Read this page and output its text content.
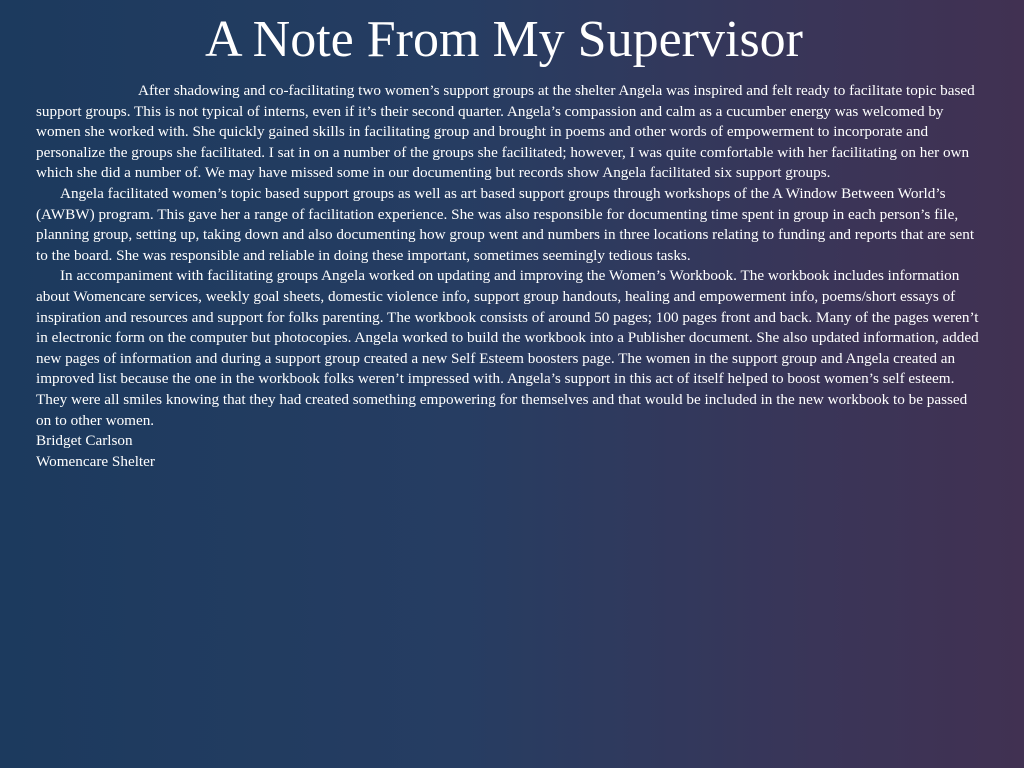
A Note From My Supervisor

After shadowing and co-facilitating two women’s support groups at the shelter Angela was inspired and felt ready to facilitate topic based support groups. This is not typical of interns, even if it’s their second quarter. Angela’s compassion and calm as a cucumber energy was welcomed by women she worked with. She quickly gained skills in facilitating group and brought in poems and other words of empowerment to incorporate and personalize the groups she facilitated. I sat in on a number of the groups she facilitated; however, I was quite comfortable with her facilitating on her own which she did a number of. We may have missed some in our documenting but records show Angela facilitated six support groups.

Angela facilitated women’s topic based support groups as well as art based support groups through workshops of the A Window Between World’s (AWBW) program. This gave her a range of facilitation experience. She was also responsible for documenting time spent in group in each person’s file, planning group, setting up, taking down and also documenting how group went and numbers in three locations relating to funding and reports that are sent to the board. She was responsible and reliable in doing these important, sometimes seemingly tedious tasks.

In accompaniment with facilitating groups Angela worked on updating and improving the Women’s Workbook. The workbook includes information about Womencare services, weekly goal sheets, domestic violence info, support group handouts, healing and empowerment info, poems/short essays of inspiration and resources and support for folks parenting. The workbook consists of around 50 pages; 100 pages front and back. Many of the pages weren’t in electronic form on the computer but photocopies. Angela worked to build the workbook into a Publisher document. She also updated information, added new pages of information and during a support group created a new Self Esteem boosters page. The women in the support group and Angela created an improved list because the one in the workbook folks weren’t impressed with. Angela’s support in this act of itself helped to boost women’s self esteem. They were all smiles knowing that they had created something empowering for themselves and that would be included in the new workbook to be passed on to other women.

Bridget Carlson

Womencare Shelter
